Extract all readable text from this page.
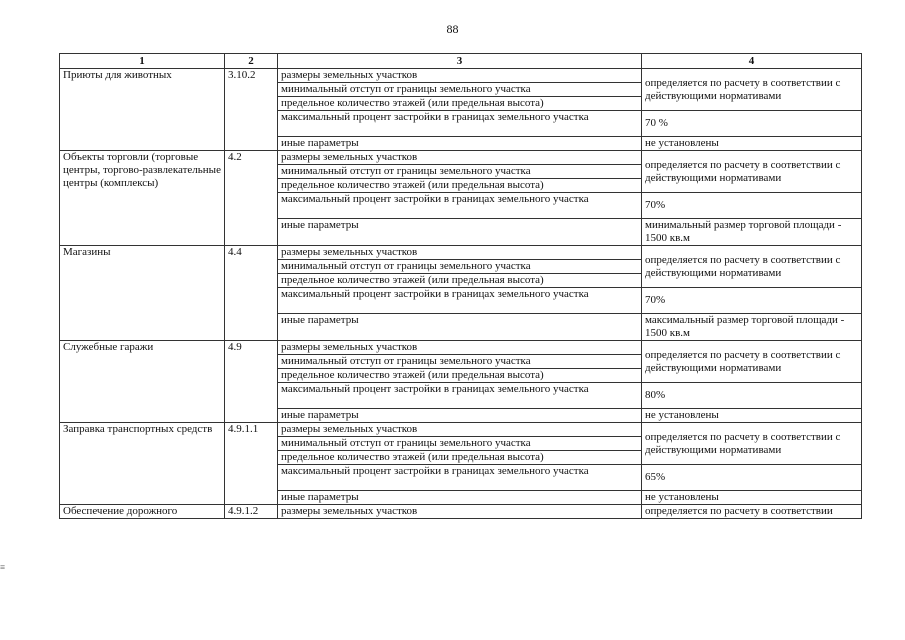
88
1	2	3	4
Приюты для животных	3.10.2	размеры земельных участков	определяется по расчету в соответствии с действующими нормативами
		минимальный отступ от границы земельного участка	
		предельное количество этажей (или предельная высота)	
		максимальный процент застройки в границах земельного участка	70 %
		иные параметры	не установлены
Объекты торговли (торговые центры, торгово-развлекательные центры (комплексы)	4.2	размеры земельных участков	определяется по расчету в соответствии с действующими нормативами
		минимальный отступ от границы земельного участка	
		предельное количество этажей (или предельная высота)	
		максимальный процент застройки в границах земельного участка	70%
		иные параметры	минимальный размер торговой площади - 1500 кв.м
Магазины	4.4	размеры земельных участков	определяется по расчету в соответствии с действующими нормативами
		минимальный отступ от границы земельного участка	
		предельное количество этажей (или предельная высота)	
		максимальный процент застройки в границах земельного участка	70%
		иные параметры	максимальный размер торговой площади - 1500 кв.м
Служебные гаражи	4.9	размеры земельных участков	определяется по расчету в соответствии с действующими нормативами
		минимальный отступ от границы земельного участка	
		предельное количество этажей (или предельная высота)	
		максимальный процент застройки в границах земельного участка	80%
		иные параметры	не установлены
Заправка транспортных средств	4.9.1.1	размеры земельных участков	определяется по расчету в соответствии с действующими нормативами
		минимальный отступ от границы земельного участка	
		предельное количество этажей (или предельная высота)	
		максимальный процент застройки в границах земельного участка	65%
		иные параметры	не установлены
Обеспечение дорожного	4.9.1.2	размеры земельных участков	определяется по расчету в соответствии
≡
